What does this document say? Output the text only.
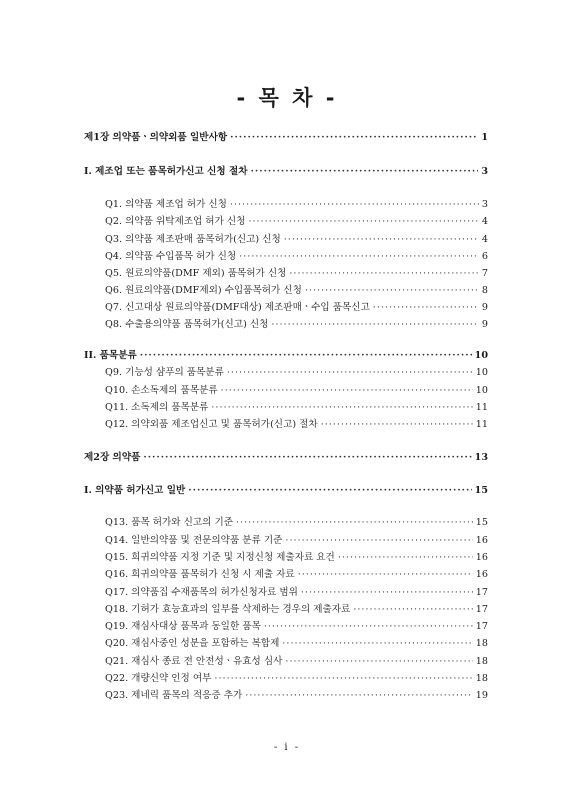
- 목 차 -
제1장 의약품ㆍ의약외품 일반사항 ·····	1
I. 제조업 또는 품목허가신고 신청 절차 ·····	3
Q1. 의약품 제조업 허가 신청 ·····	3
Q2. 의약품 위탁제조업 허가 신청 ·····	4
Q3. 의약품 제조판매 품목허가(신고) 신청 ·····	4
Q4. 의약품 수입품목 허가 신청 ·····	6
Q5. 원료의약품(DMF 제외) 품목허가 신청 ·····	7
Q6. 원료의약품(DMF제외) 수입품목허가 신청 ·····	8
Q7. 신고대상 원료의약품(DMF대상) 제조판매ㆍ수입 품목신고 ·····	9
Q8. 수출용의약품 품목허가(신고) 신청 ·····	9
II. 품목분류 ·····	10
Q9. 기능성 샴푸의 품목분류 ·····	10
Q10. 손소독제의 품목분류 ·····	10
Q11. 소독제의 품목분류 ·····	11
Q12. 의약외품 제조업신고 및 품목허가(신고) 절차 ·····	11
제2장 의약품 ·····	13
I. 의약품 허가신고 일반 ·····	15
Q13. 품목 허가와 신고의 기준 ·····	15
Q14. 일반의약품 및 전문의약품 분류 기준 ·····	16
Q15. 희귀의약품 지정 기준 및 지정신청 제출자료 요건 ·····	16
Q16. 희귀의약품 품목허가 신청 시 제출 자료 ·····	16
Q17. 의약품집 수재품목의 허가신청자료 범위 ·····	17
Q18. 기허가 효능효과의 일부를 삭제하는 경우의 제출자료 ·····	17
Q19. 재심사대상 품목과 동일한 품목 ·····	17
Q20. 재심사중인 성분을 포함하는 복합제 ·····	18
Q21. 재심사 종료 전 안전성ㆍ유효성 심사 ·····	18
Q22. 개량신약 인정 여부 ·····	18
Q23. 제네릭 품목의 적응증 추가 ·····	19
- i -
